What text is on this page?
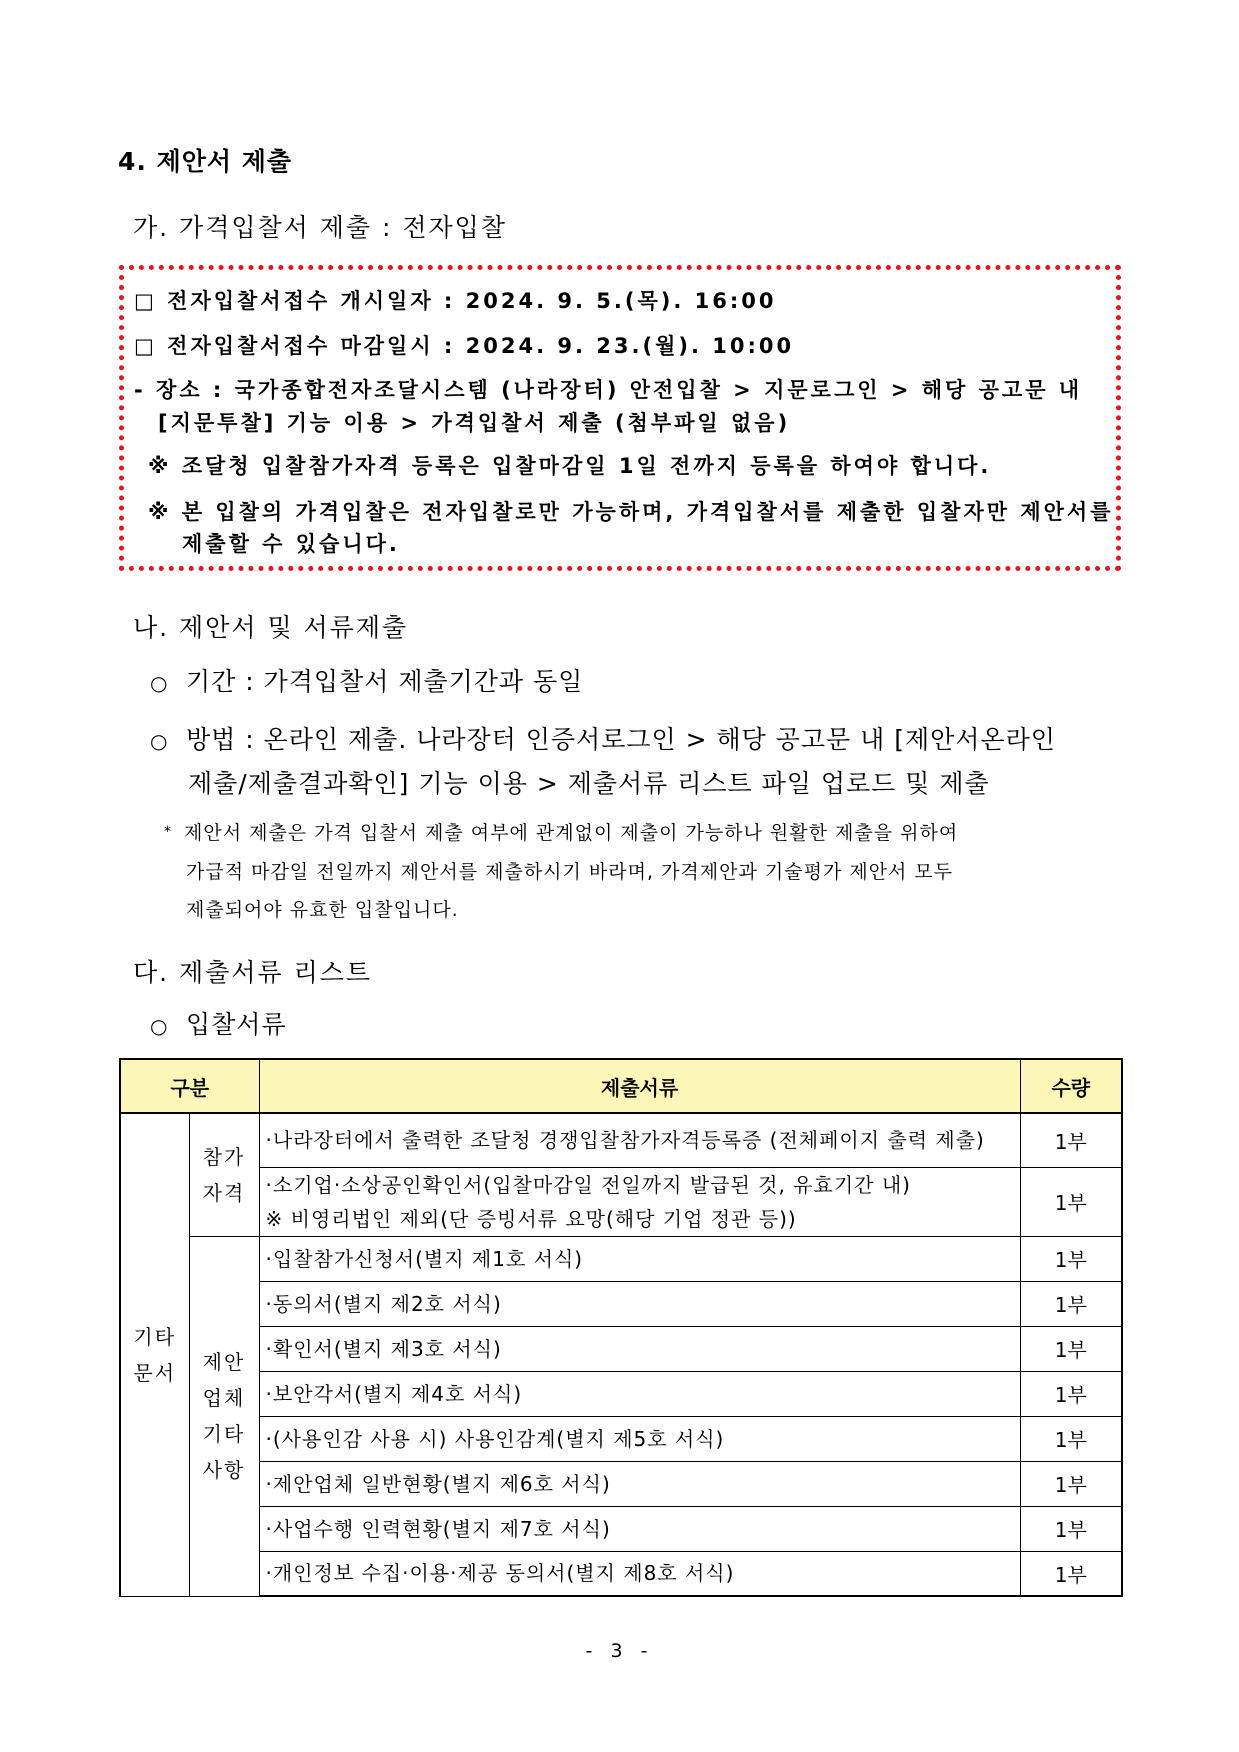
4. 제안서 제출
가. 가격입찰서 제출 : 전자입찰
□ 전자입찰서접수 개시일자 : 2024. 9. 5.(목). 16:00
□ 전자입찰서접수 마감일시 : 2024. 9. 23.(월). 10:00
- 장소 : 국가종합전자조달시스템 (나라장터) 안전입찰 > 지문로그인 > 해당 공고문 내
[지문투찰] 기능 이용 > 가격입찰서 제출 (첨부파일 없음)
※ 조달청 입찰참가자격 등록은 입찰마감일 1일 전까지 등록을 하여야 합니다.
※ 본 입찰의 가격입찰은 전자입찰로만 가능하며, 가격입찰서를 제출한 입찰자만 제안서를
제출할 수 있습니다.
나. 제안서 및 서류제출
○ 기간 : 가격입찰서 제출기간과 동일
○ 방법 : 온라인 제출. 나라장터 인증서로그인 > 해당 공고문 내 [제안서온라인
제출/제출결과확인] 기능 이용 > 제출서류 리스트 파일 업로드 및 제출
* 제안서 제출은 가격 입찰서 제출 여부에 관계없이 제출이 가능하나 원활한 제출을 위하여
가급적 마감일 전일까지 제안서를 제출하시기 바라며, 가격제안과 기술평가 제안서 모두
제출되어야 유효한 입찰입니다.
다. 제출서류 리스트
○ 입찰서류
구분		제출서류	수량
기타 문서	참가 자격	·나라장터에서 출력한 조달청 경쟁입찰참가자격등록증 (전체페이지 출력 제출)	1부

		·소기업·소상공인확인서(입찰마감일 전일까지 발급된 것, 유효기간 내)
※ 비영리법인 제외(단 증빙서류 요망(해당 기업 정관 등))	1부
	제안 업체 기타 사항	·입찰참가신청서(별지 제1호 서식)	1부
		·동의서(별지 제2호 서식)	1부
		·확인서(별지 제3호 서식)	1부
		·보안각서(별지 제4호 서식)	1부
		·(사용인감 사용 시) 사용인감계(별지 제5호 서식)	1부
		·제안업체 일반현황(별지 제6호 서식)	1부
		·사업수행 인력현황(별지 제7호 서식)	1부
		·개인정보 수집·이용·제공 동의서(별지 제8호 서식)	1부
- 3 -
